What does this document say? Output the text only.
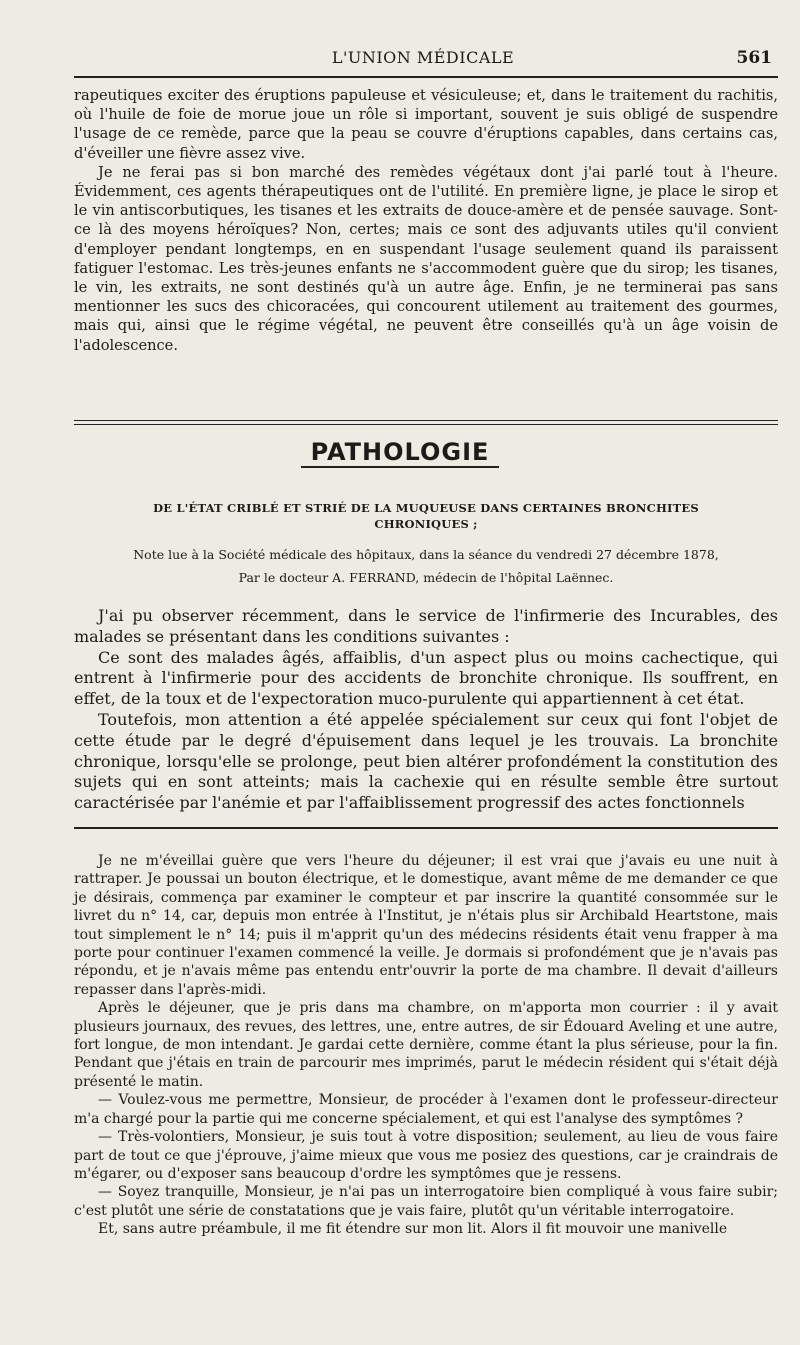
L'UNION MÉDICALE	561

rapeutiques exciter des éruptions papuleuse et vésiculeuse; et, dans le traitement du rachitis, où l'huile de foie de morue joue un rôle si important, souvent je suis obligé de suspendre l'usage de ce remède, parce que la peau se couvre d'éruptions capables, dans certains cas, d'éveiller une fièvre assez vive.

Je ne ferai pas si bon marché des remèdes végétaux dont j'ai parlé tout à l'heure. Évidemment, ces agents thérapeutiques ont de l'utilité. En première ligne, je place le sirop et le vin antiscorbutiques, les tisanes et les extraits de douce-amère et de pensée sauvage. Sont-ce là des moyens héroïques? Non, certes; mais ce sont des adjuvants utiles qu'il convient d'employer pendant longtemps, en en suspendant l'usage seulement quand ils paraissent fatiguer l'estomac. Les très-jeunes enfants ne s'accommodent guère que du sirop; les tisanes, le vin, les extraits, ne sont destinés qu'à un autre âge. Enfin, je ne terminerai pas sans mentionner les sucs des chicoracées, qui concourent utilement au traitement des gourmes, mais qui, ainsi que le régime végétal, ne peuvent être conseillés qu'à un âge voisin de l'adolescence.

PATHOLOGIE
DE L'ÉTAT CRIBLÉ ET STRIÉ DE LA MUQUEUSE DANS CERTAINES BRONCHITES
CHRONIQUES ;
Note lue à la Société médicale des hôpitaux, dans la séance du vendredi 27 décembre 1878,
Par le docteur A. FERRAND, médecin de l'hôpital Laënnec.

J'ai pu observer récemment, dans le service de l'infirmerie des Incurables, des malades se présentant dans les conditions suivantes :

Ce sont des malades âgés, affaiblis, d'un aspect plus ou moins cachectique, qui entrent à l'infirmerie pour des accidents de bronchite chronique. Ils souffrent, en effet, de la toux et de l'expectoration muco-purulente qui appartiennent à cet état.

Toutefois, mon attention a été appelée spécialement sur ceux qui font l'objet de cette étude par le degré d'épuisement dans lequel je les trouvais. La bronchite chronique, lorsqu'elle se prolonge, peut bien altérer profondément la constitution des sujets qui en sont atteints; mais la cachexie qui en résulte semble être surtout caractérisée par l'anémie et par l'affaiblissement progressif des actes fonctionnels

Je ne m'éveillai guère que vers l'heure du déjeuner; il est vrai que j'avais eu une nuit à rattraper. Je poussai un bouton électrique, et le domestique, avant même de me demander ce que je désirais, commença par examiner le compteur et par inscrire la quantité consommée sur le livret du n° 14, car, depuis mon entrée à l'Institut, je n'étais plus sir Archibald Heartstone, mais tout simplement le n° 14; puis il m'apprit qu'un des médecins résidents était venu frapper à ma porte pour continuer l'examen commencé la veille. Je dormais si profondément que je n'avais pas répondu, et je n'avais même pas entendu entr'ouvrir la porte de ma chambre. Il devait d'ailleurs repasser dans l'après-midi.

Après le déjeuner, que je pris dans ma chambre, on m'apporta mon courrier : il y avait plusieurs journaux, des revues, des lettres, une, entre autres, de sir Édouard Aveling et une autre, fort longue, de mon intendant. Je gardai cette dernière, comme étant la plus sérieuse, pour la fin. Pendant que j'étais en train de parcourir mes imprimés, parut le médecin résident qui s'était déjà présenté le matin.

— Voulez-vous me permettre, Monsieur, de procéder à l'examen dont le professeur-directeur m'a chargé pour la partie qui me concerne spécialement, et qui est l'analyse des symptômes ?

— Très-volontiers, Monsieur, je suis tout à votre disposition; seulement, au lieu de vous faire part de tout ce que j'éprouve, j'aime mieux que vous me posiez des questions, car je craindrais de m'égarer, ou d'exposer sans beaucoup d'ordre les symptômes que je ressens.

— Soyez tranquille, Monsieur, je n'ai pas un interrogatoire bien compliqué à vous faire subir; c'est plutôt une série de constatations que je vais faire, plutôt qu'un véritable interrogatoire.

Et, sans autre préambule, il me fit étendre sur mon lit. Alors il fit mouvoir une manivelle
